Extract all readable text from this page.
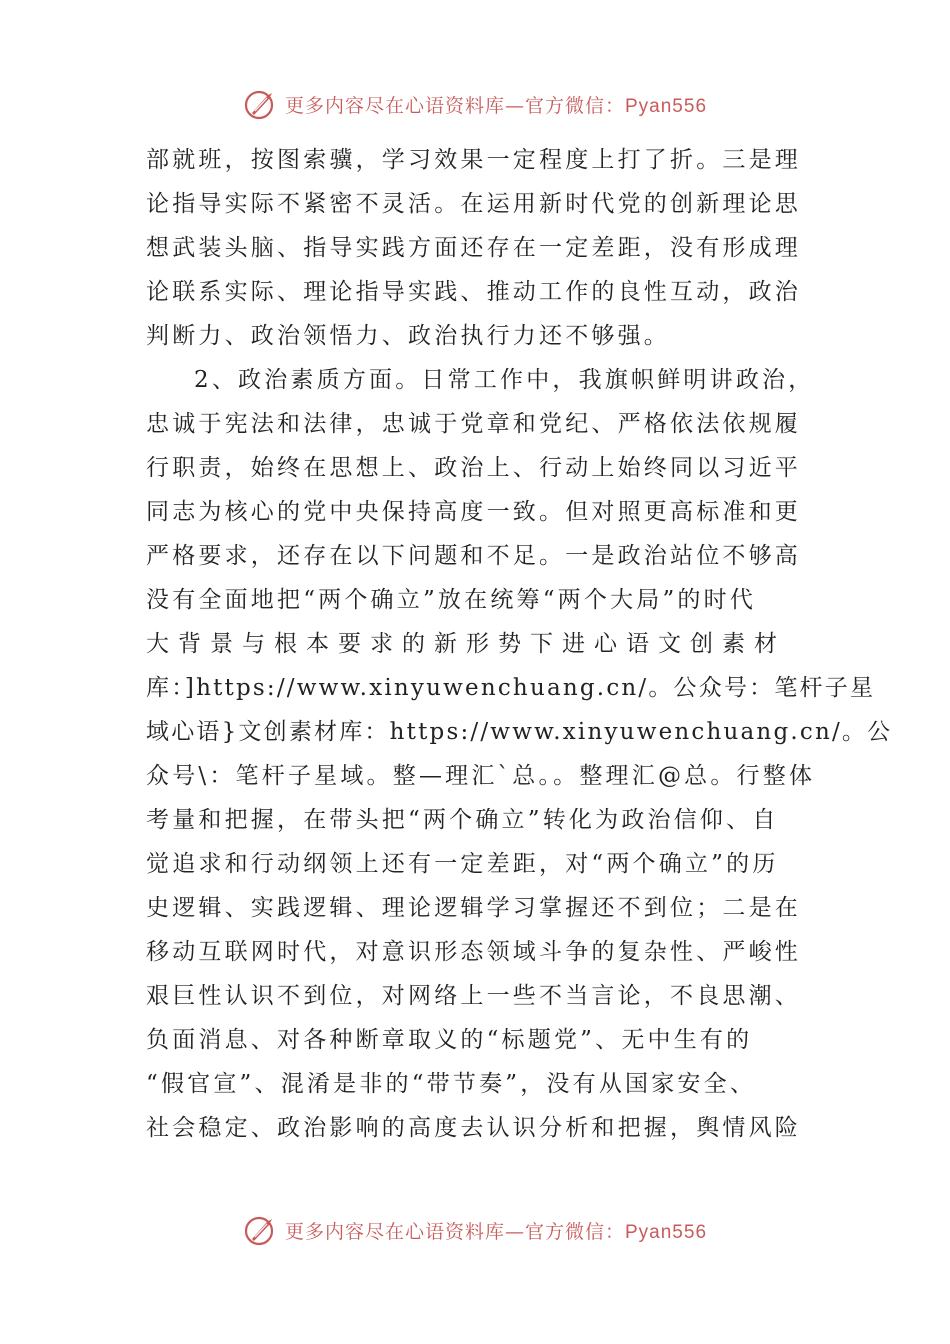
更多内容尽在心语资料库—官方微信：Pyan556
部就班，按图索骥，学习效果一定程度上打了折。三是理
论指导实际不紧密不灵活。在运用新时代党的创新理论思
想武装头脑、指导实践方面还存在一定差距，没有形成理
论联系实际、理论指导实践、推动工作的良性互动，政治
判断力、政治领悟力、政治执行力还不够强。
2、政治素质方面。日常工作中，我旗帜鲜明讲政治，
忠诚于宪法和法律，忠诚于党章和党纪、严格依法依规履
行职责，始终在思想上、政治上、行动上始终同以习近平
同志为核心的党中央保持高度一致。但对照更高标准和更
严格要求，还存在以下问题和不足。一是政治站位不够高
没有全面地把“两个确立”放在统筹“两个大局”的时代
大背景与根本要求的新形势下进心语文创素材
库：]https://www.xinyuwenchuang.cn/。公众号：笔杆子星
域心语}文创素材库：https://www.xinyuwenchuang.cn/。公
众号\：笔杆子星域。整—理汇`总。。整理汇@总。行整体
考量和把握，在带头把“两个确立”转化为政治信仰、自
觉追求和行动纲领上还有一定差距，对“两个确立”的历
史逻辑、实践逻辑、理论逻辑学习掌握还不到位；二是在
移动互联网时代，对意识形态领域斗争的复杂性、严峻性
艰巨性认识不到位，对网络上一些不当言论，不良思潮、
负面消息、对各种断章取义的“标题党”、无中生有的
“假官宣”、混淆是非的“带节奏”，没有从国家安全、
社会稳定、政治影响的高度去认识分析和把握，舆情风险
更多内容尽在心语资料库—官方微信：Pyan556
